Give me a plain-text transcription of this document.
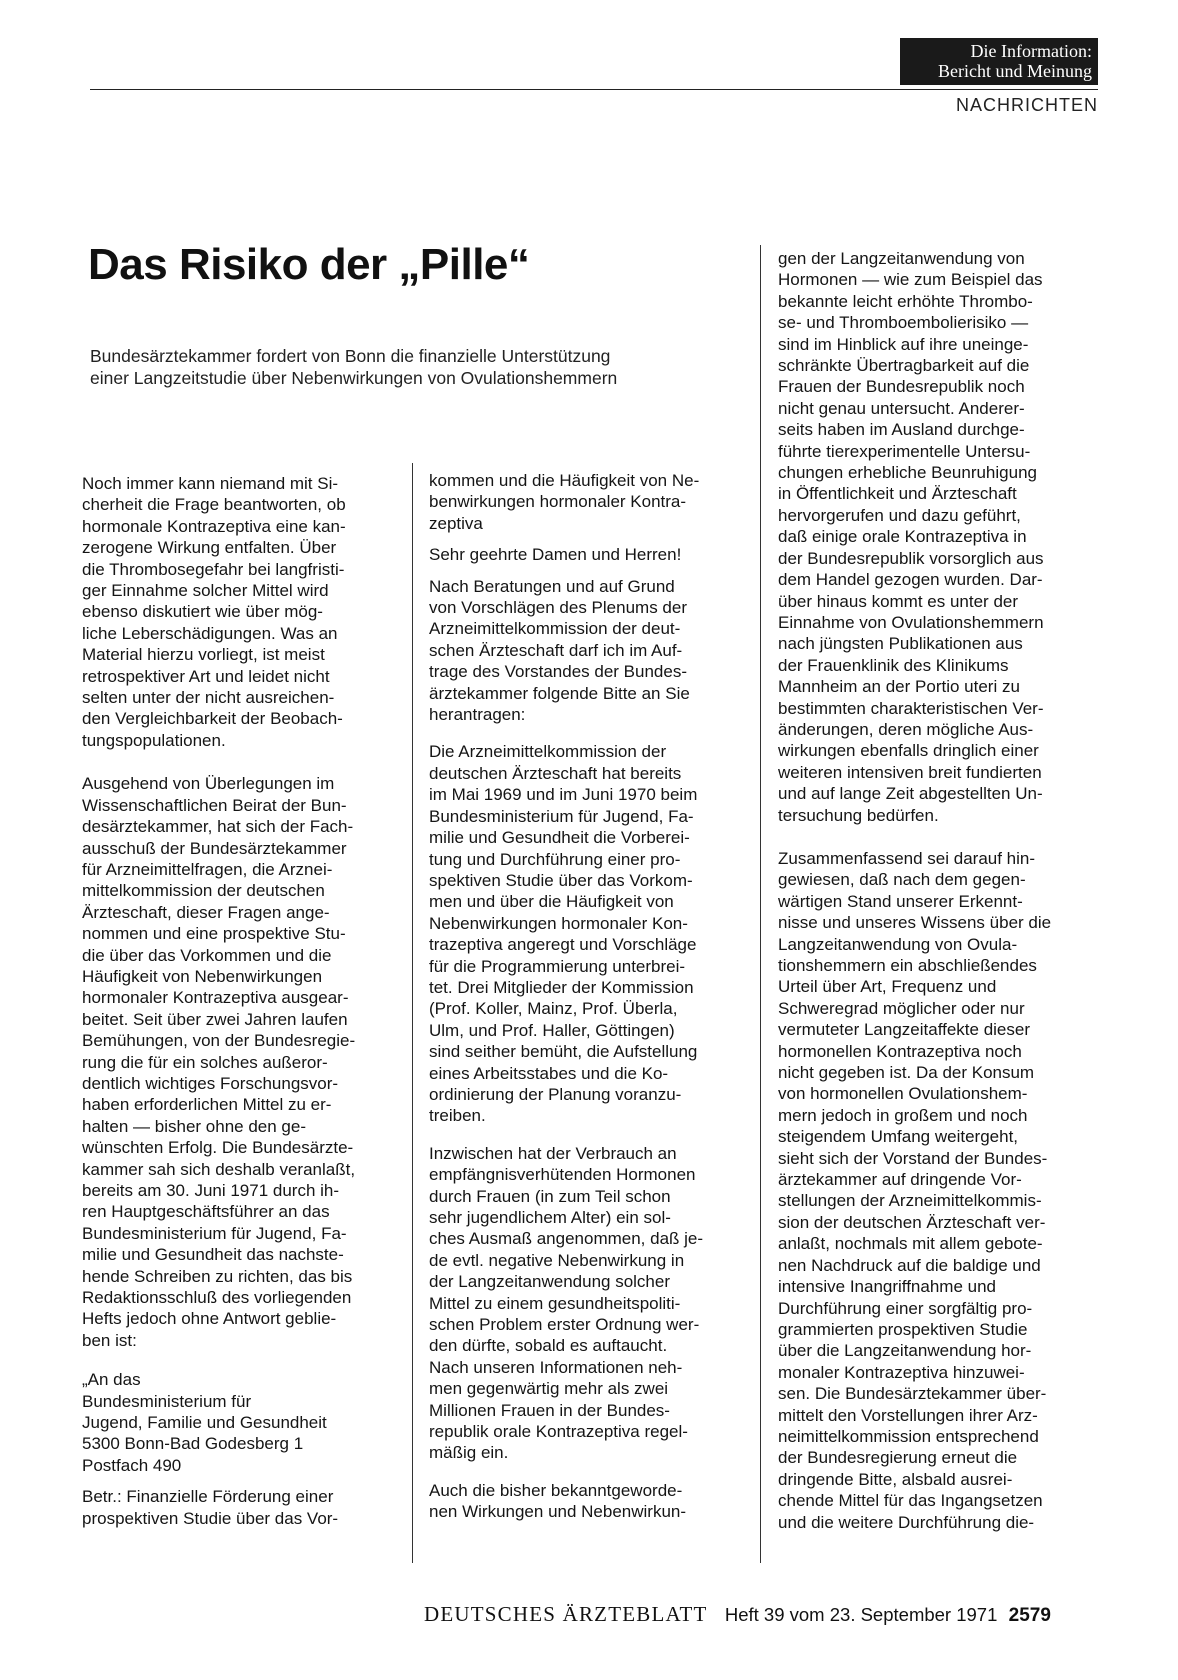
Die Information:
Bericht und Meinung
NACHRICHTEN
Das Risiko der „Pille“
Bundesärztekammer fordert von Bonn die finanzielle Unterstützung
einer Langzeitstudie über Nebenwirkungen von Ovulationshemmern

Noch immer kann niemand mit Si-
cherheit die Frage beantworten, ob
hormonale Kontrazeptiva eine kan-
zerogene Wirkung entfalten. Über
die Thrombosegefahr bei langfristi-
ger Einnahme solcher Mittel wird
ebenso diskutiert wie über mög-
liche Leberschädigungen. Was an
Material hierzu vorliegt, ist meist
retrospektiver Art und leidet nicht
selten unter der nicht ausreichen-
den Vergleichbarkeit der Beobach-
tungspopulationen.

Ausgehend von Überlegungen im
Wissenschaftlichen Beirat der Bun-
desärztekammer, hat sich der Fach-
ausschuß der Bundesärztekammer
für Arzneimittelfragen, die Arznei-
mittelkommission der deutschen
Ärzteschaft, dieser Fragen ange-
nommen und eine prospektive Stu-
die über das Vorkommen und die
Häufigkeit von Nebenwirkungen
hormonaler Kontrazeptiva ausgear-
beitet. Seit über zwei Jahren laufen
Bemühungen, von der Bundesregie-
rung die für ein solches außeror-
dentlich wichtiges Forschungsvor-
haben erforderlichen Mittel zu er-
halten — bisher ohne den ge-
wünschten Erfolg. Die Bundesärzte-
kammer sah sich deshalb veranlaßt,
bereits am 30. Juni 1971 durch ih-
ren Hauptgeschäftsführer an das
Bundesministerium für Jugend, Fa-
milie und Gesundheit das nachste-
hende Schreiben zu richten, das bis
Redaktionsschluß des vorliegenden
Hefts jedoch ohne Antwort geblie-
ben ist:

„An das
Bundesministerium für
Jugend, Familie und Gesundheit
5300 Bonn-Bad Godesberg 1
Postfach 490

Betr.: Finanzielle Förderung einer
prospektiven Studie über das Vor-

kommen und die Häufigkeit von Ne-
benwirkungen hormonaler Kontra-
zeptiva

Sehr geehrte Damen und Herren!

Nach Beratungen und auf Grund
von Vorschlägen des Plenums der
Arzneimittelkommission der deut-
schen Ärzteschaft darf ich im Auf-
trage des Vorstandes der Bundes-
ärztekammer folgende Bitte an Sie
herantragen:

Die Arzneimittelkommission der
deutschen Ärzteschaft hat bereits
im Mai 1969 und im Juni 1970 beim
Bundesministerium für Jugend, Fa-
milie und Gesundheit die Vorberei-
tung und Durchführung einer pro-
spektiven Studie über das Vorkom-
men und über die Häufigkeit von
Nebenwirkungen hormonaler Kon-
trazeptiva angeregt und Vorschläge
für die Programmierung unterbrei-
tet. Drei Mitglieder der Kommission
(Prof. Koller, Mainz, Prof. Überla,
Ulm, und Prof. Haller, Göttingen)
sind seither bemüht, die Aufstellung
eines Arbeitsstabes und die Ko-
ordinierung der Planung voranzu-
treiben.

Inzwischen hat der Verbrauch an
empfängnisverhütenden Hormonen
durch Frauen (in zum Teil schon
sehr jugendlichem Alter) ein sol-
ches Ausmaß angenommen, daß je-
de evtl. negative Nebenwirkung in
der Langzeitanwendung solcher
Mittel zu einem gesundheitspoliti-
schen Problem erster Ordnung wer-
den dürfte, sobald es auftaucht.
Nach unseren Informationen neh-
men gegenwärtig mehr als zwei
Millionen Frauen in der Bundes-
republik orale Kontrazeptiva regel-
mäßig ein.

Auch die bisher bekanntgeworde-
nen Wirkungen und Nebenwirkun-

gen der Langzeitanwendung von
Hormonen — wie zum Beispiel das
bekannte leicht erhöhte Thrombo-
se- und Thromboembolierisiko —
sind im Hinblick auf ihre uneinge-
schränkte Übertragbarkeit auf die
Frauen der Bundesrepublik noch
nicht genau untersucht. Anderer-
seits haben im Ausland durchge-
führte tierexperimentelle Untersu-
chungen erhebliche Beunruhigung
in Öffentlichkeit und Ärzteschaft
hervorgerufen und dazu geführt,
daß einige orale Kontrazeptiva in
der Bundesrepublik vorsorglich aus
dem Handel gezogen wurden. Dar-
über hinaus kommt es unter der
Einnahme von Ovulationshemmern
nach jüngsten Publikationen aus
der Frauenklinik des Klinikums
Mannheim an der Portio uteri zu
bestimmten charakteristischen Ver-
änderungen, deren mögliche Aus-
wirkungen ebenfalls dringlich einer
weiteren intensiven breit fundierten
und auf lange Zeit abgestellten Un-
tersuchung bedürfen.

Zusammenfassend sei darauf hin-
gewiesen, daß nach dem gegen-
wärtigen Stand unserer Erkennt-
nisse und unseres Wissens über die
Langzeitanwendung von Ovula-
tionshemmern ein abschließendes
Urteil über Art, Frequenz und
Schweregrad möglicher oder nur
vermuteter Langzeitaffekte dieser
hormonellen Kontrazeptiva noch
nicht gegeben ist. Da der Konsum
von hormonellen Ovulationshem-
mern jedoch in großem und noch
steigendem Umfang weitergeht,
sieht sich der Vorstand der Bundes-
ärztekammer auf dringende Vor-
stellungen der Arzneimittelkommis-
sion der deutschen Ärzteschaft ver-
anlaßt, nochmals mit allem gebote-
nen Nachdruck auf die baldige und
intensive Inangriffnahme und
Durchführung einer sorgfältig pro-
grammierten prospektiven Studie
über die Langzeitanwendung hor-
monaler Kontrazeptiva hinzuwei-
sen. Die Bundesärztekammer über-
mittelt den Vorstellungen ihrer Arz-
neimittelkommission entsprechend
der Bundesregierung erneut die
dringende Bitte, alsbald ausrei-
chende Mittel für das Ingangsetzen
und die weitere Durchführung die-

DEUTSCHES ÄRZTEBLATT Heft 39 vom 23. September 1971 2579
